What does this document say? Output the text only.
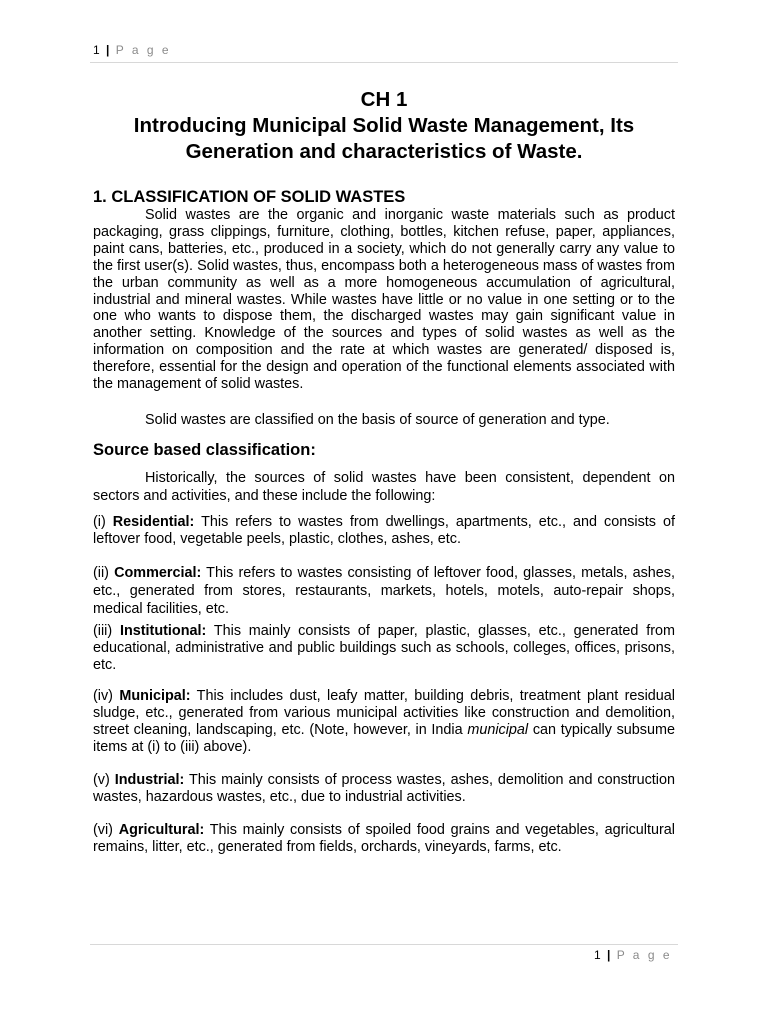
1 | P a g e

CH 1

Introducing Municipal Solid Waste Management, Its

Generation and characteristics of Waste.

1. CLASSIFICATION OF SOLID WASTES

Solid wastes are the organic and inorganic waste materials such as product packaging, grass clippings, furniture, clothing, bottles, kitchen refuse, paper, appliances, paint cans, batteries, etc., produced in a society, which do not generally carry any value to the first user(s). Solid wastes, thus, encompass both a heterogeneous mass of wastes from the urban community as well as a more homogeneous accumulation of agricultural, industrial and mineral wastes. While wastes have little or no value in one setting or to the one who wants to dispose them, the discharged wastes may gain significant value in another setting. Knowledge of the sources and types of solid wastes as well as the information on composition and the rate at which wastes are generated/ disposed is, therefore, essential for the design and operation of the functional elements associated with the management of solid wastes.

Solid wastes are classified on the basis of source of generation and type.

Source based classification:

Historically, the sources of solid wastes have been consistent, dependent on sectors and activities, and these include the following:

(i) Residential: This refers to wastes from dwellings, apartments, etc., and consists of leftover food, vegetable peels, plastic, clothes, ashes, etc.

(ii) Commercial: This refers to wastes consisting of leftover food, glasses, metals, ashes, etc., generated from stores, restaurants, markets, hotels, motels, auto-repair shops, medical facilities, etc.

(iii) Institutional: This mainly consists of paper, plastic, glasses, etc., generated from educational, administrative and public buildings such as schools, colleges, offices, prisons, etc.

(iv) Municipal: This includes dust, leafy matter, building debris, treatment plant residual sludge, etc., generated from various municipal activities like construction and demolition, street cleaning, landscaping, etc. (Note, however, in India municipal can typically subsume items at (i) to (iii) above).

(v) Industrial: This mainly consists of process wastes, ashes, demolition and construction wastes, hazardous wastes, etc., due to industrial activities.

(vi) Agricultural: This mainly consists of spoiled food grains and vegetables, agricultural remains, litter, etc., generated from fields, orchards, vineyards, farms, etc.

1 | P a g e
